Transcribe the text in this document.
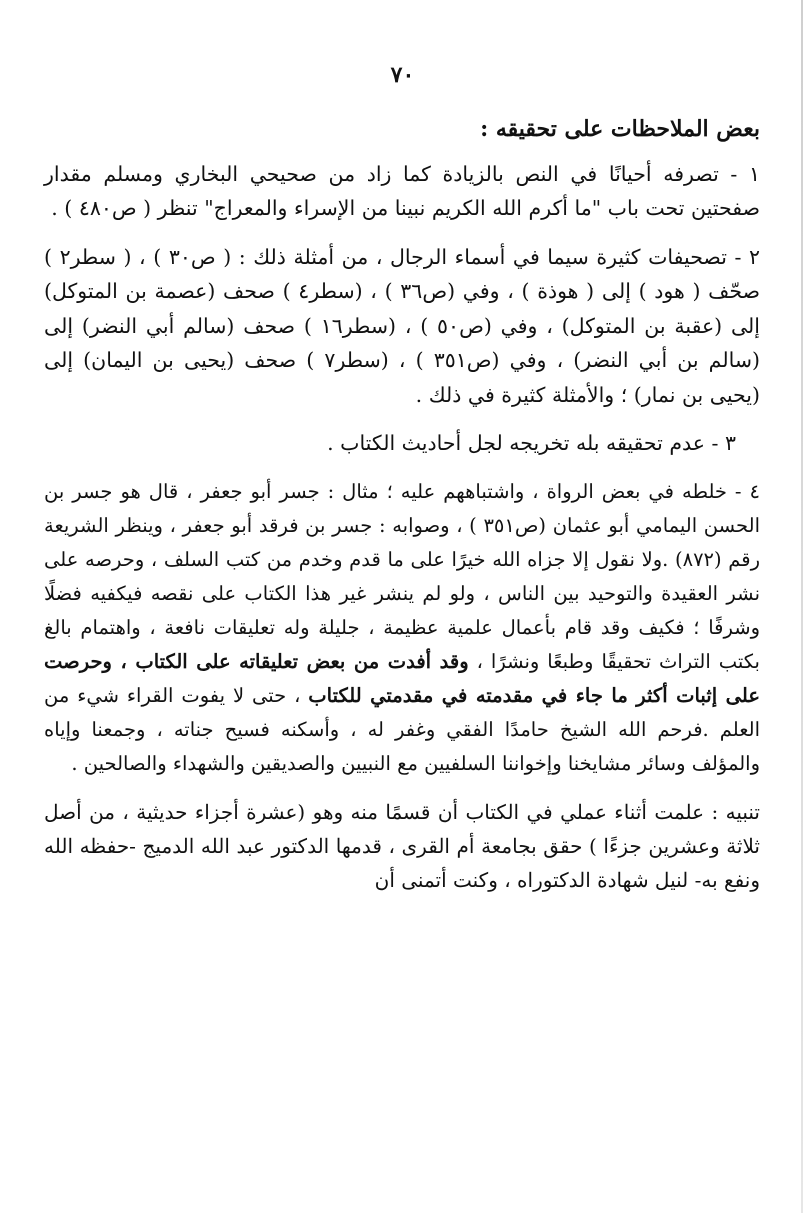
٧٠
بعض الملاحظات على تحقيقه :

١ - تصرفه أحيانًا في النص بالزيادة كما زاد من صحيحي البخاري ومسلم مقدار صفحتين تحت باب "ما أكرم الله الكريم نبينا من الإسراء والمعراج" تنظر ( ص٤٨٠ ) .

٢ - تصحيفات كثيرة سيما في أسماء الرجال ، من أمثلة ذلك : ( ص٣٠ ) ، ( سطر٢ ) صحّف ( هود ) إلى ( هوذة ) ، وفي (ص٣٦ ) ، (سطر٤ ) صحف (عصمة بن المتوكل) إلى (عقبة بن المتوكل) ، وفي (ص٥٠ ) ، (سطر١٦ ) صحف (سالم أبي النضر) إلى (سالم بن أبي النضر) ، وفي (ص٣٥١ ) ، (سطر٧ ) صحف (يحيى بن اليمان) إلى (يحيى بن نمار) ؛ والأمثلة كثيرة في ذلك .

٣ - عدم تحقيقه بله تخريجه لجل أحاديث الكتاب .

٤ - خلطه في بعض الرواة ، واشتباههم عليه ؛ مثال : جسر أبو جعفر ، قال هو جسر بن الحسن اليمامي أبو عثمان (ص٣٥١ ) ، وصوابه : جسر بن فرقد أبو جعفر ، وينظر الشريعة رقم (٨٧٢) .ولا نقول إلا جزاه الله خيرًا على ما قدم وخدم من كتب السلف ، وحرصه على نشر العقيدة والتوحيد بين الناس ، ولو لم ينشر غير هذا الكتاب على نقصه فيكفيه فضلًا وشرفًا ؛ فكيف وقد قام بأعمال علمية عظيمة ، جليلة وله تعليقات نافعة ، واهتمام بالغ بكتب التراث تحقيقًا وطبعًا ونشرًا ، وقد أفدت من بعض تعليقاته على الكتاب ، وحرصت على إثبات أكثر ما جاء في مقدمته في مقدمتي للكتاب ، حتى لا يفوت القراء شيء من العلم .فرحم الله الشيخ حامدًا الفقي وغفر له ، وأسكنه فسيح جناته ، وجمعنا وإياه والمؤلف وسائر مشايخنا وإخواننا السلفيين مع النبيين والصديقين والشهداء والصالحين .

تنبيه : علمت أثناء عملي في الكتاب أن قسمًا منه وهو (عشرة أجزاء حديثية ، من أصل ثلاثة وعشرين جزءًا ) حقق بجامعة أم القرى ، قدمها الدكتور عبد الله الدميج -حفظه الله ونفع به- لنيل شهادة الدكتوراه ، وكنت أتمنى أن
